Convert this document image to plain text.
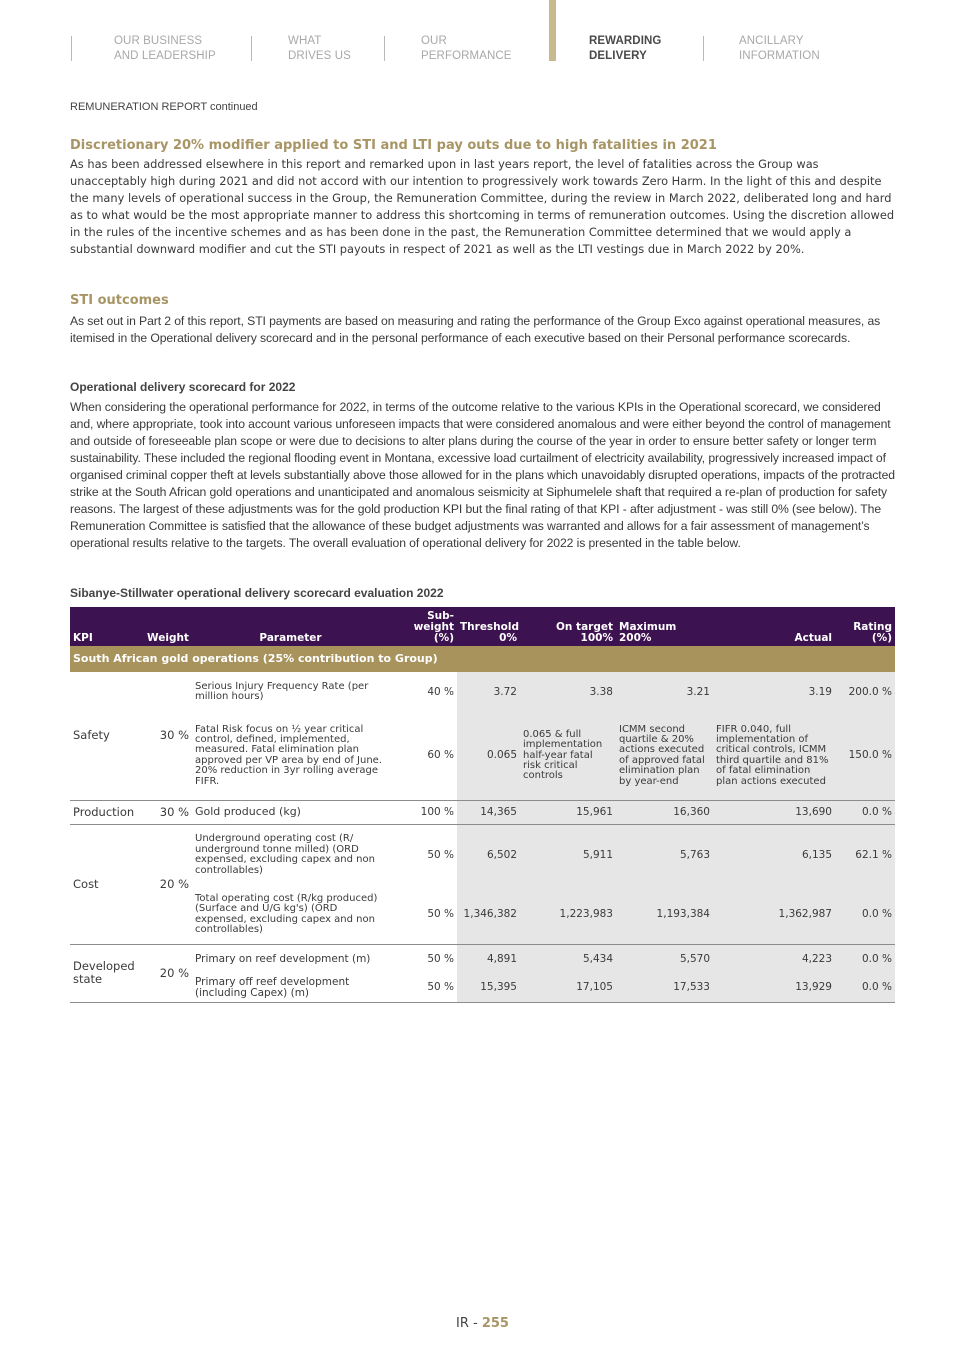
OUR BUSINESS
AND LEADERSHIP
WHAT
DRIVES US
OUR
PERFORMANCE
REWARDING
DELIVERY
ANCILLARY
INFORMATION
REMUNERATION REPORT continued
Discretionary 20% modifier applied to STI and LTI pay outs due to high fatalities in 2021

As has been addressed elsewhere in this report and remarked upon in last years report, the level of fatalities across the Group was unacceptably high during 2021 and did not accord with our intention to progressively work towards Zero Harm. In the light of this and despite the many levels of operational success in the Group, the Remuneration Committee, during the review in March 2022, deliberated long and hard as to what would be the most appropriate manner to address this shortcoming in terms of remuneration outcomes. Using the discretion allowed in the rules of the incentive schemes and as has been done in the past, the Remuneration Committee determined that we would apply a substantial downward modifier and cut the STI payouts in respect of 2021 as well as the LTI vestings due in March 2022 by 20%.

STI outcomes

As set out in Part 2 of this report, STI payments are based on measuring and rating the performance of the Group Exco against operational measures, as itemised in the Operational delivery scorecard and in the personal performance of each executive based on their Personal performance scorecards.

Operational delivery scorecard for 2022

When considering the operational performance for 2022, in terms of the outcome relative to the various KPIs in the Operational scorecard, we considered and, where appropriate, took into account various unforeseen impacts that were considered anomalous and were either beyond the control of management and outside of foreseeable plan scope or were due to decisions to alter plans during the course of the year in order to ensure better safety or longer term sustainability. These included the regional flooding event in Montana, excessive load curtailment of electricity availability, progressively increased impact of organised criminal copper theft at levels substantially above those allowed for in the plans which unavoidably disrupted operations, impacts of the protracted strike at the South African gold operations and unanticipated and anomalous seismicity at Siphumelele shaft that required a re-plan of production for safety reasons. The largest of these adjustments was for the gold production KPI but the final rating of that KPI - after adjustment - was still 0% (see below). The Remuneration Committee is satisfied that the allowance of these budget adjustments was warranted and allows for a fair assessment of management’s operational results relative to the targets. The overall evaluation of operational delivery for 2022 is presented in the table below.

Sibanye-Stillwater operational delivery scorecard evaluation 2022
KPI	Weight	Parameter	Sub-weight (%)	Threshold 0%	On target 100%	Maximum 200%	Actual	Rating (%)
South African gold operations (25% contribution to Group)								
Safety	30 %	Serious Injury Frequency Rate (per million hours)	40 %	3.72	3.38	3.21	3.19	200.0 %
		Fatal Risk focus on ½ year critical control, defined, implemented, measured. Fatal elimination plan approved per VP area by end of June. 20% reduction in 3yr rolling average FIFR.	60 %	0.065	0.065 & full implementation half-year fatal risk critical controls	ICMM second quartile & 20% actions executed of approved fatal elimination plan by year-end	FIFR 0.040, full implementation of critical controls, ICMM third quartile and 81% of fatal elimination plan actions executed	150.0 %
Production	30 %	Gold produced (kg)	100 %	14,365	15,961	16,360	13,690	0.0 %
Cost	20 %	Underground operating cost (R/ underground tonne milled) (ORD expensed, excluding capex and non controllables)	50 %	6,502	5,911	5,763	6,135	62.1 %
		Total operating cost (R/kg produced) (Surface and U/G kg's) (ORD expensed, excluding capex and non controllables)	50 %	1,346,382	1,223,983	1,193,384	1,362,987	0.0 %
Developed state	20 %	Primary on reef development (m)	50 %	4,891	5,434	5,570	4,223	0.0 %
		Primary off reef development (including Capex) (m)	50 %	15,395	17,105	17,533	13,929	0.0 %
IR - 255
